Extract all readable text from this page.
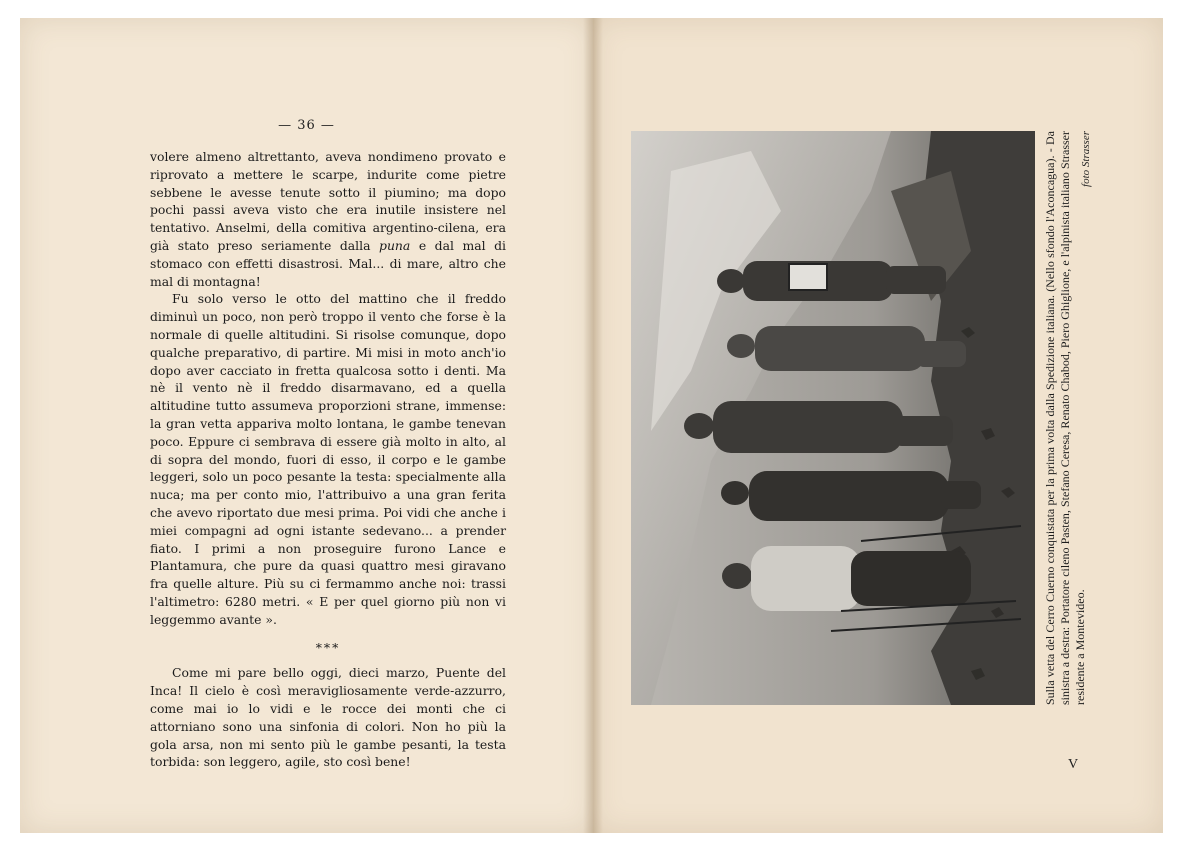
— 36 —

volere almeno altrettanto, aveva nondimeno provato e riprovato a mettere le scarpe, indurite come pietre sebbene le avesse tenute sotto il piumino; ma dopo pochi passi aveva visto che era inutile insistere nel tentativo. Anselmi, della comitiva argentino-cilena, era già stato preso seriamente dalla puna e dal mal di stomaco con effetti disastrosi. Mal... di mare, altro che mal di montagna!

Fu solo verso le otto del mattino che il freddo diminuì un poco, non però troppo il vento che forse è la normale di quelle altitudini. Si risolse comunque, dopo qualche preparativo, di partire. Mi misi in moto anch'io dopo aver cacciato in fretta qualcosa sotto i denti. Ma nè il vento nè il freddo disarmavano, ed a quella altitudine tutto assumeva proporzioni strane, immense: la gran vetta appariva molto lontana, le gambe tenevan poco. Eppure ci sembrava di essere già molto in alto, al di sopra del mondo, fuori di esso, il corpo e le gambe leggeri, solo un poco pesante la testa: specialmente alla nuca; ma per conto mio, l'attribuivo a una gran ferita che avevo riportato due mesi prima. Poi vidi che anche i miei compagni ad ogni istante sedevano... a prender fiato. I primi a non proseguire furono Lance e Plantamura, che pure da quasi quattro mesi giravano fra quelle alture. Più su ci fermammo anche noi: trassi l'altimetro: 6280 metri. « E per quel giorno più non vi leggemmo avante ».

***

Come mi pare bello oggi, dieci marzo, Puente del Inca! Il cielo è così meravigliosamente verde-azzurro, come mai io lo vidi e le rocce dei monti che ci attorniano sono una sinfonia di colori. Non ho più la gola arsa, non mi sento più le gambe pesanti, la testa torbida: son leggero, agile, sto così bene!

Sulla vetta del Cerro Cuerno conquistata per la prima volta dalla Spedizione italiana. (Nello sfondo l'Aconcagua). - Da sinistra a destra: Portatore cileno Pasten, Stefano Ceresa, Renato Chabod, Piero Ghiglione, e l'alpinista italiano Strasser residente a Montevideo.
foto Strasser
V
